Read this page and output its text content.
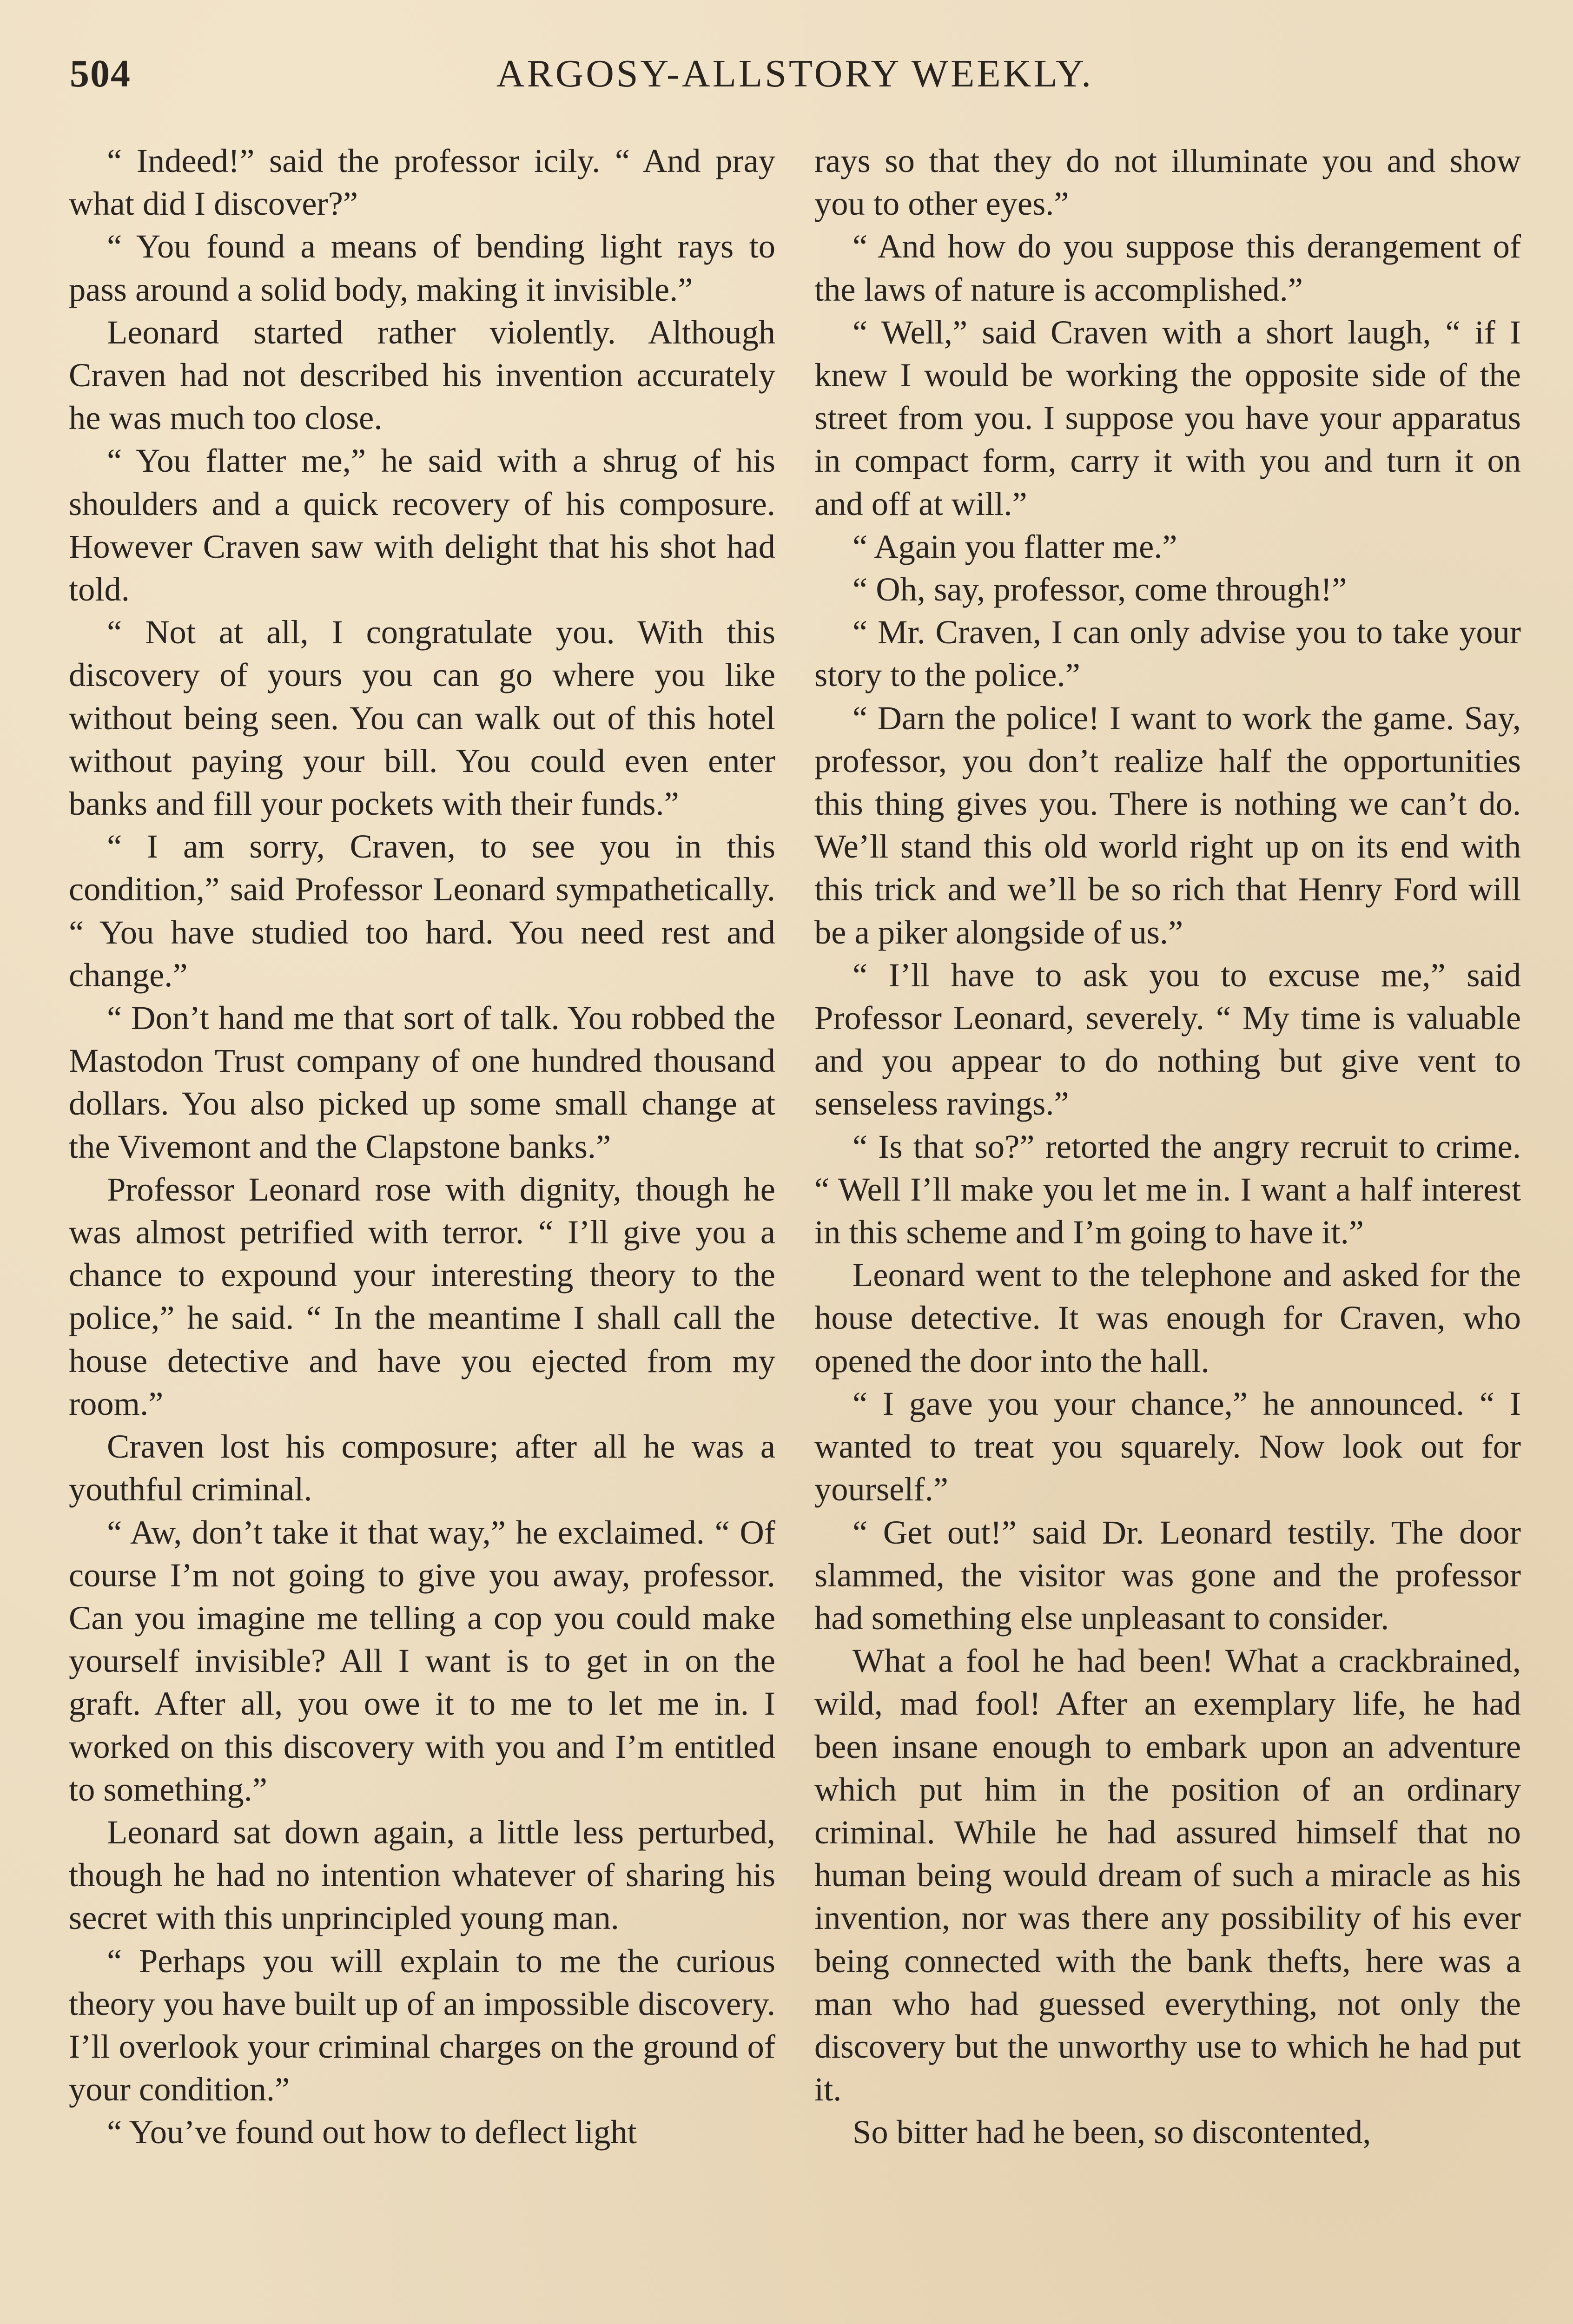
504	ARGOSY-ALLSTORY WEEKLY.

“ Indeed!” said the professor icily. “ And pray what did I discover?”

“ You found a means of bending light rays to pass around a solid body, making it invisible.”

Leonard started rather violently. Although Craven had not described his invention accurately he was much too close.

“ You flatter me,” he said with a shrug of his shoulders and a quick recovery of his composure. However Craven saw with delight that his shot had told.

“ Not at all, I congratulate you. With this discovery of yours you can go where you like without being seen. You can walk out of this hotel without paying your bill. You could even enter banks and fill your pockets with their funds.”

“ I am sorry, Craven, to see you in this condition,” said Professor Leonard sympathetically. “ You have studied too hard. You need rest and change.”

“ Don’t hand me that sort of talk. You robbed the Mastodon Trust company of one hundred thousand dollars. You also picked up some small change at the Vivemont and the Clapstone banks.”

Professor Leonard rose with dignity, though he was almost petrified with terror. “ I’ll give you a chance to expound your interesting theory to the police,” he said. “ In the meantime I shall call the house detective and have you ejected from my room.”

Craven lost his composure; after all he was a youthful criminal.

“ Aw, don’t take it that way,” he exclaimed. “ Of course I’m not going to give you away, professor. Can you imagine me telling a cop you could make yourself invisible? All I want is to get in on the graft. After all, you owe it to me to let me in. I worked on this discovery with you and I’m entitled to something.”

Leonard sat down again, a little less perturbed, though he had no intention whatever of sharing his secret with this unprincipled young man.

“ Perhaps you will explain to me the curious theory you have built up of an impossible discovery. I’ll overlook your criminal charges on the ground of your condition.”

“ You’ve found out how to deflect light

rays so that they do not illuminate you and show you to other eyes.”

“ And how do you suppose this derangement of the laws of nature is accomplished.”

“ Well,” said Craven with a short laugh, “ if I knew I would be working the opposite side of the street from you. I suppose you have your apparatus in compact form, carry it with you and turn it on and off at will.”

“ Again you flatter me.”

“ Oh, say, professor, come through!”

“ Mr. Craven, I can only advise you to take your story to the police.”

“ Darn the police! I want to work the game. Say, professor, you don’t realize half the opportunities this thing gives you. There is nothing we can’t do. We’ll stand this old world right up on its end with this trick and we’ll be so rich that Henry Ford will be a piker alongside of us.”

“ I’ll have to ask you to excuse me,” said Professor Leonard, severely. “ My time is valuable and you appear to do nothing but give vent to senseless ravings.”

“ Is that so?” retorted the angry recruit to crime. “ Well I’ll make you let me in. I want a half interest in this scheme and I’m going to have it.”

Leonard went to the telephone and asked for the house detective. It was enough for Craven, who opened the door into the hall.

“ I gave you your chance,” he announced. “ I wanted to treat you squarely. Now look out for yourself.”

“ Get out!” said Dr. Leonard testily. The door slammed, the visitor was gone and the professor had something else unpleasant to consider.

What a fool he had been! What a crackbrained, wild, mad fool! After an exemplary life, he had been insane enough to embark upon an adventure which put him in the position of an ordinary criminal. While he had assured himself that no human being would dream of such a miracle as his invention, nor was there any possibility of his ever being connected with the bank thefts, here was a man who had guessed everything, not only the discovery but the unworthy use to which he had put it.

So bitter had he been, so discontented,
